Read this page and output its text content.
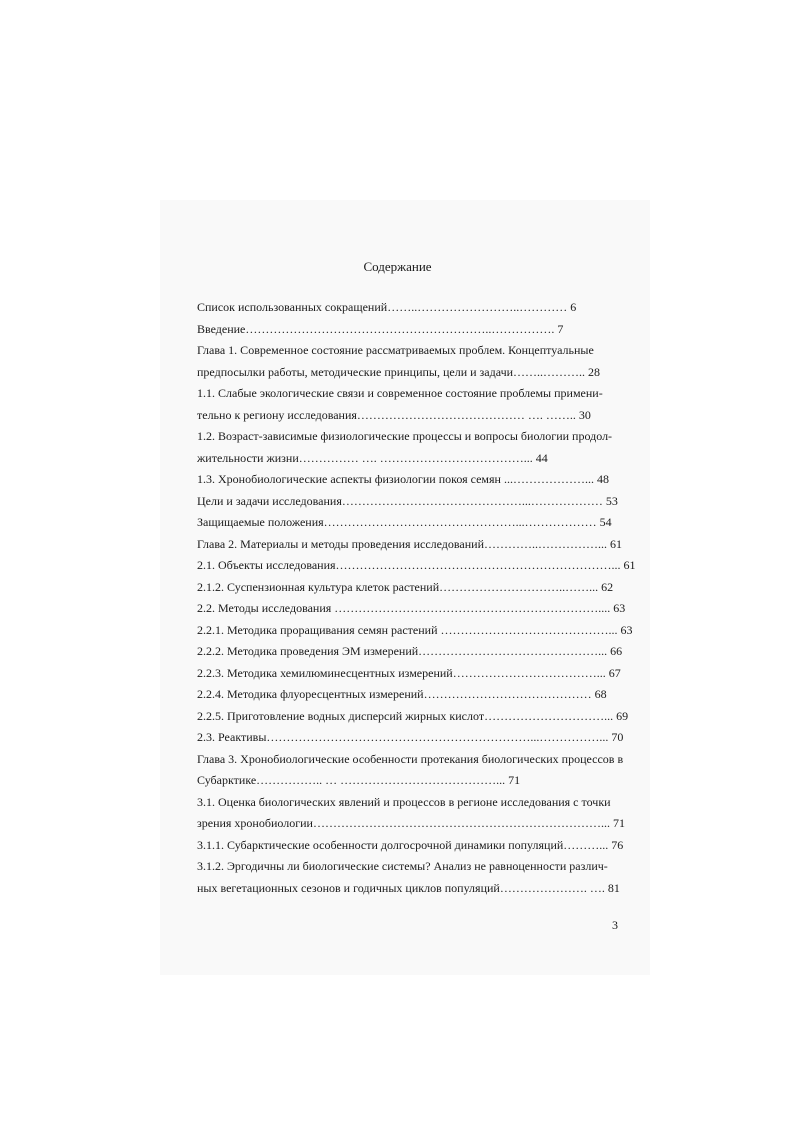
Содержание
Список использованных сокращений……..……………………..………… 6
Введение……………………………………………………..……………. 7
Глава 1. Современное состояние рассматриваемых проблем. Концептуальные
предпосылки работы, методические принципы, цели и задачи……..……….. 28
1.1. Слабые экологические связи и современное состояние проблемы примени-
тельно к региону исследования…………………………………… …. …….. 30
1.2. Возраст-зависимые физиологические процессы и вопросы биологии продол-
жительности жизни…………… …. ………………………………... 44
1.3. Хронобиологические аспекты физиологии покоя семян ...………………... 48
Цели и задачи исследования………………………………………...……………… 53
Защищаемые положения…………………………………………...……………… 54
Глава 2. Материалы и методы проведения исследований…………..……………... 61
2.1. Объекты исследования……………………………………………………………... 61
2.1.2. Суспензионная культура клеток растений…………………………..……... 62
2.2. Методы исследования ………………………………………………………….... 63
2.2.1. Методика проращивания семян растений ……………………………………... 63
2.2.2. Методика проведения ЭМ измерений………………………………………... 66
2.2.3. Методика хемилюминесцентных измерений………………………………... 67
2.2.4. Методика флуоресцентных измерений…………………………………… 68
2.2.5. Приготовление водных дисперсий жирных кислот…………………………... 69
2.3. Реактивы…………………………………………………………...……………... 70
Глава 3. Хронобиологические особенности протекания биологических процессов в
Субарктике…………….. … …………………………………... 71
3.1. Оценка биологических явлений и процессов в регионе исследования с точки
зрения хронобиологии………………………………………………………………... 71
3.1.1. Субарктические особенности долгосрочной динамики популяций………... 76
3.1.2. Эргодичны ли биологические системы? Анализ не равноценности различ-
ных вегетационных сезонов и годичных циклов популяций…………………. …. 81
3
